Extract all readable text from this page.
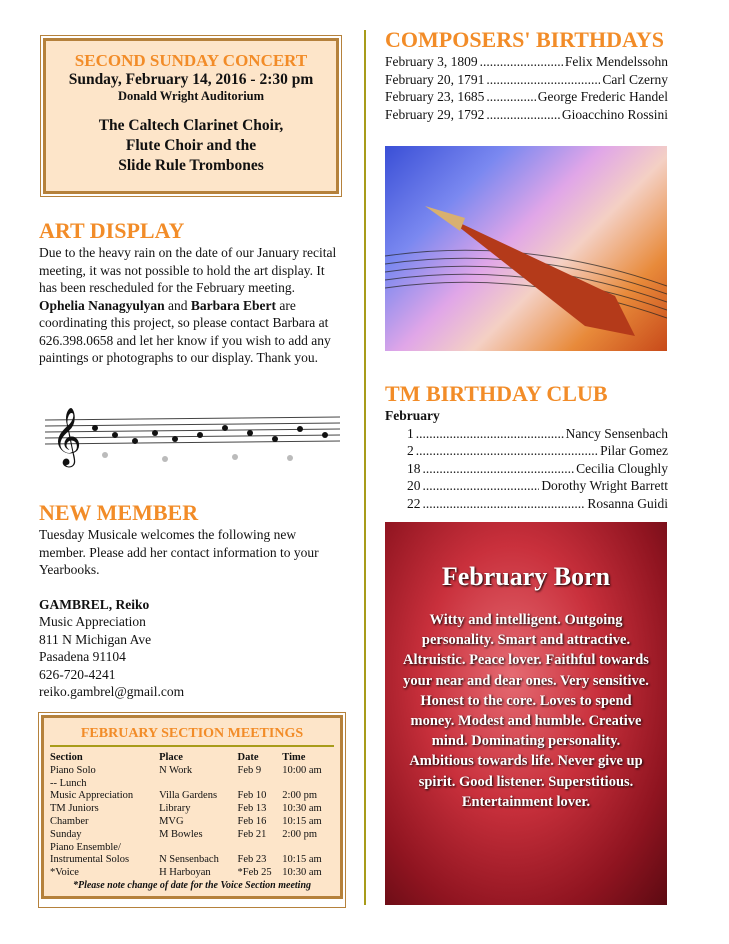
SECOND SUNDAY CONCERT
Sunday, February 14, 2016 - 2:30 pm
Donald Wright Auditorium
The Caltech Clarinet Choir,
Flute Choir and the
Slide Rule Trombones
ART DISPLAY
Due to the heavy rain on the date of our January recital meeting, it was not possible to hold the art display. It has been rescheduled for the February meeting. Ophelia Nanagyulyan and Barbara Ebert are coordinating this project, so please contact Barbara at 626.398.0658 and let her know if you wish to add any paintings or photographs to our display. Thank you.
𝄞
NEW MEMBER
Tuesday Musicale welcomes the following new member. Please add her contact information to your Yearbooks.
GAMBREL, Reiko
Music Appreciation
811 N Michigan Ave
Pasadena 91104
626-720-4241
reiko.gambrel@gmail.com
FEBRUARY SECTION MEETINGS
Section	Place	Date	Time
Piano Solo	N Work	Feb 9	10:00 am
-- Lunch			
Music Appreciation	Villa Gardens	Feb 10	2:00 pm
TM Juniors	Library	Feb 13	10:30 am
Chamber	MVG	Feb 16	10:15 am
Sunday	M Bowles	Feb 21	2:00 pm
Piano Ensemble/			
Instrumental Solos	N Sensenbach	Feb 23	10:15 am
*Voice	H Harboyan	*Feb 25	10:30 am
*Please note change of date for the Voice Section meeting
COMPOSERS' BIRTHDAYS
February 3, 1809 .....	Felix Mendelssohn
February 20, 1791 .....	Carl Czerny
February 23, 1685 .....	George Frederic Handel
February 29, 1792 .....	Gioacchino Rossini
TM BIRTHDAY CLUB
February
1 .....	Nancy Sensenbach
2 .....	Pilar Gomez
18 .....	Cecilia Cloughly
20 .....	Dorothy Wright Barrett
22 .....	Rosanna Guidi
February Born
Witty and intelligent. Outgoing personality. Smart and attractive. Altruistic. Peace lover. Faithful towards your near and dear ones. Very sensitive. Honest to the core. Loves to spend money. Modest and humble. Creative mind. Dominating personality. Ambitious towards life. Never give up spirit. Good listener. Superstitious. Entertainment lover.
